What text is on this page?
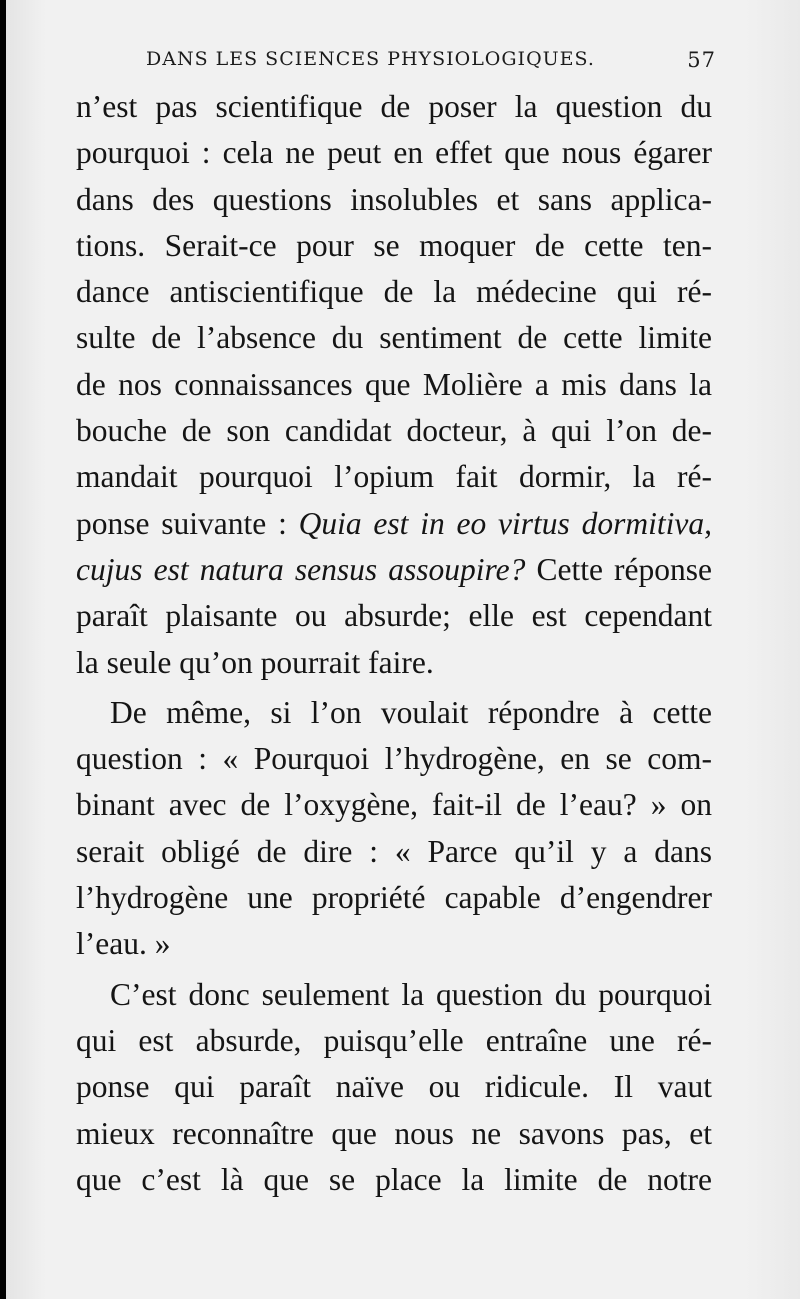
DANS LES SCIENCES PHYSIOLOGIQUES.	57
n’est pas scientifique de poser la question du
pourquoi : cela ne peut en effet que nous égarer
dans des questions insolubles et sans applica-
tions. Serait-ce pour se moquer de cette ten-
dance antiscientifique de la médecine qui ré-
sulte de l’absence du sentiment de cette limite
de nos connaissances que Molière a mis dans la
bouche de son candidat docteur, à qui l’on de-
mandait pourquoi l’opium fait dormir, la ré-
ponse suivante : Quia est in eo virtus dormitiva,
cujus est natura sensus assoupire? Cette réponse
paraît plaisante ou absurde; elle est cependant
la seule qu’on pourrait faire.
De même, si l’on voulait répondre à cette
question : « Pourquoi l’hydrogène, en se com-
binant avec de l’oxygène, fait-il de l’eau? » on
serait obligé de dire : « Parce qu’il y a dans
l’hydrogène une propriété capable d’engendrer
l’eau. »
C’est donc seulement la question du pourquoi
qui est absurde, puisqu’elle entraîne une ré-
ponse qui paraît naïve ou ridicule. Il vaut
mieux reconnaître que nous ne savons pas, et
que c’est là que se place la limite de notre
